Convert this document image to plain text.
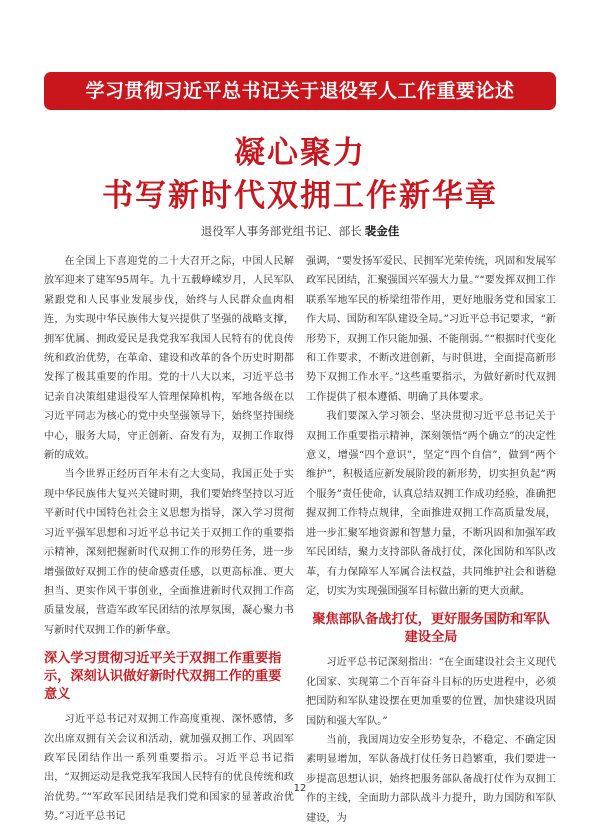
学习贯彻习近平总书记关于退役军人工作重要论述
凝心聚力
书写新时代双拥工作新华章
退役军人事务部党组书记、部长 裴金佳

在全国上下喜迎党的二十大召开之际，中国人民解放军迎来了建军95周年。九十五载峥嵘岁月，人民军队紧跟党和人民事业发展步伐，始终与人民群众血肉相连，为实现中华民族伟大复兴提供了坚强的战略支撑，拥军优属、拥政爱民是我党我军我国人民特有的优良传统和政治优势，在革命、建设和改革的各个历史时期都发挥了极其重要的作用。党的十八大以来，习近平总书记亲自决策组建退役军人管理保障机构，军地各级在以习近平同志为核心的党中央坚强领导下，始终坚持围绕中心，服务大局，守正创新、奋发有为，双拥工作取得新的成效。

当今世界正经历百年未有之大变局，我国正处于实现中华民族伟大复兴关键时期，我们要始终坚持以习近平新时代中国特色社会主义思想为指导，深入学习贯彻习近平强军思想和习近平总书记关于双拥工作的重要指示精神，深刻把握新时代双拥工作的形势任务，进一步增强做好双拥工作的使命感责任感，以更高标准、更大担当、更实作风干事创业，全面推进新时代双拥工作高质量发展，营造军政军民团结的浓厚氛围，凝心聚力书写新时代双拥工作的新华章。

深入学习贯彻习近平关于双拥工作重要指示，深刻认识做好新时代双拥工作的重要意义

习近平总书记对双拥工作高度重视、深怀感情，多次出席双拥有关会议和活动，就加强双拥工作、巩固军政军民团结作出一系列重要指示。习近平总书记指出，“双拥运动是我党我军我国人民特有的优良传统和政治优势。”“军政军民团结是我们党和国家的显著政治优势。”习近平总书记

强调，“要发扬军爱民、民拥军光荣传统，巩固和发展军政军民团结，汇聚强国兴军强大力量。”“要发挥双拥工作联系军地军民的桥梁纽带作用，更好地服务党和国家工作大局、国防和军队建设全局。”习近平总书记要求，“新形势下，双拥工作只能加强、不能削弱。”“根据时代变化和工作要求，不断改进创新，与时俱进，全面提高新形势下双拥工作水平。”这些重要指示，为做好新时代双拥工作提供了根本遵循、明确了具体要求。

我们要深入学习领会、坚决贯彻习近平总书记关于双拥工作重要指示精神，深刻领悟“两个确立”的决定性意义，增强“四个意识”，坚定“四个自信”，做到“两个维护”，积极适应新发展阶段的新形势，切实担负起“两个服务”责任使命，认真总结双拥工作成功经验，准确把握双拥工作特点规律，全面推进双拥工作高质量发展，进一步汇聚军地资源和智慧力量，不断巩固和加强军政军民团结，聚力支持部队备战打仗，深化国防和军队改革，有力保障军人军属合法权益，共同维护社会和谐稳定，切实为实现强国强军目标做出新的更大贡献。

聚焦部队备战打仗，更好服务国防和军队建设全局

习近平总书记深刻指出：“在全面建设社会主义现代化国家、实现第二个百年奋斗目标的历史进程中，必须把国防和军队建设摆在更加重要的位置，加快建设巩固国防和强大军队。”

当前，我国周边安全形势复杂，不稳定、不确定因素明显增加，军队备战打仗任务日趋繁重，我们要进一步提高思想认识，始终把服务部队备战打仗作为双拥工作的主线，全面助力部队战斗力提升，助力国防和军队建设，为

12
